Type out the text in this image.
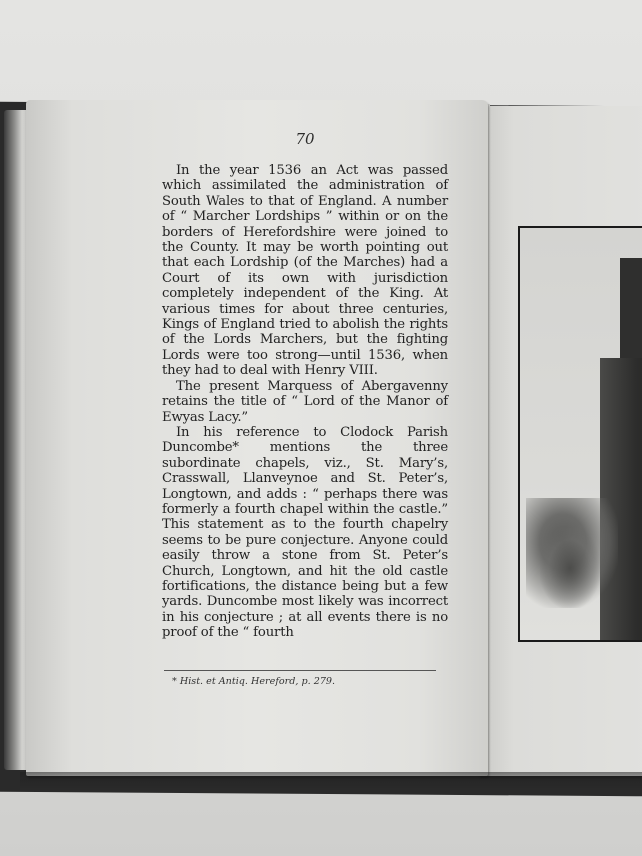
70

In the year 1536 an Act was passed which assimilated the administration of South Wales to that of England. A number of “ Marcher Lordships ” within or on the borders of Herefordshire were joined to the County. It may be worth pointing out that each Lordship (of the Marches) had a Court of its own with jurisdiction completely independent of the King. At various times for about three centuries, Kings of England tried to abolish the rights of the Lords Marchers, but the fighting Lords were too strong—until 1536, when they had to deal with Henry VIII.

The present Marquess of Abergavenny retains the title of “ Lord of the Manor of Ewyas Lacy.”

In his reference to Clodock Parish Duncombe* mentions the three subordinate chapels, viz., St. Mary’s, Crasswall, Llanveynoe and St. Peter’s, Longtown, and adds : “ perhaps there was formerly a fourth chapel within the castle.” This statement as to the fourth chapelry seems to be pure conjecture. Anyone could easily throw a stone from St. Peter’s Church, Longtown, and hit the old castle fortifications, the distance being but a few yards. Duncombe most likely was incorrect in his conjecture ; at all events there is no proof of the “ fourth

* Hist. et Antiq. Hereford, p. 279.
